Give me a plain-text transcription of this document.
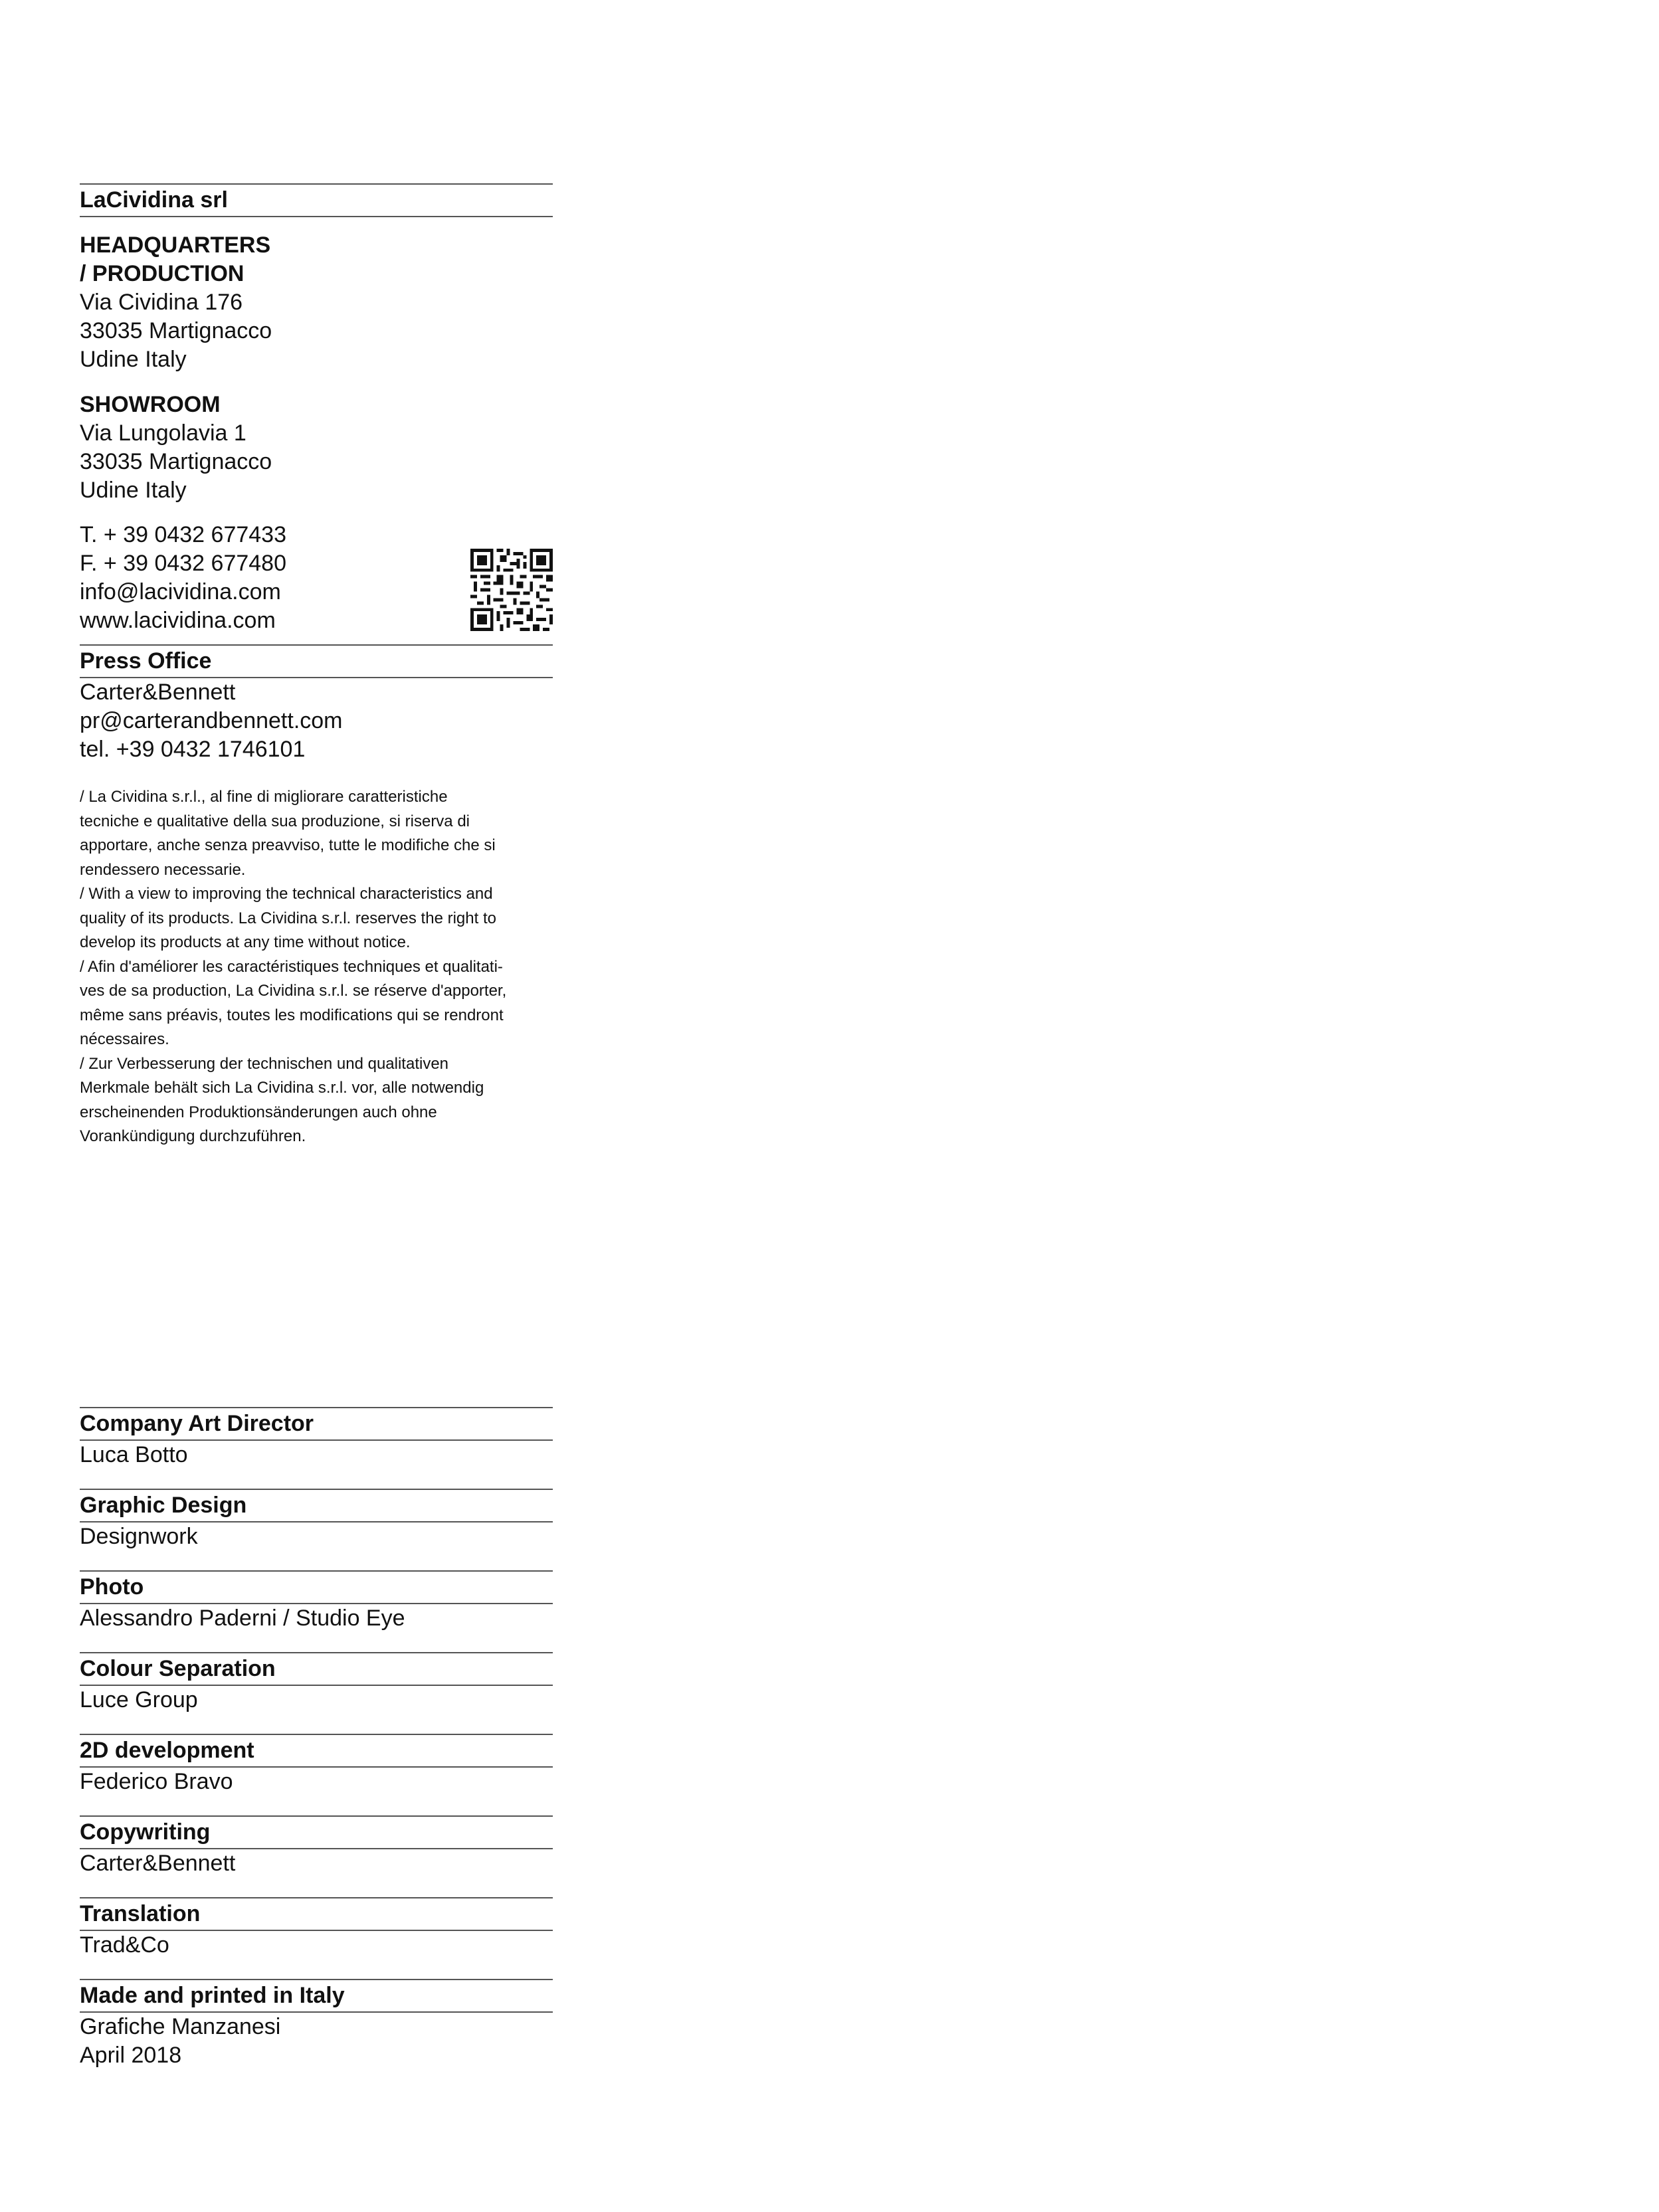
LaCividina srl
HEADQUARTERS
/ PRODUCTION
Via Cividina 176
33035 Martignacco
Udine Italy
SHOWROOM
Via Lungolavia 1
33035 Martignacco
Udine Italy
T. + 39 0432 677433
F. + 39 0432 677480
info@lacividina.com
www.lacividina.com
Press Office
Carter&Bennett
pr@carterandbennett.com
tel. +39 0432 1746101
/ La Cividina s.r.l., al fine di migliorare caratteristiche
tecniche e qualitative della sua produzione, si riserva di
apportare, anche senza preavviso, tutte le modifiche che si
rendessero necessarie.
/ With a view to improving the technical characteristics and
quality of its products. La Cividina s.r.l. reserves the right to
develop its products at any time without notice.
/ Afin d'améliorer les caractéristiques techniques et qualitati-
ves de sa production, La Cividina s.r.l. se réserve d'apporter,
même sans préavis, toutes les modifications qui se rendront
nécessaires.
/ Zur Verbesserung der technischen und qualitativen
Merkmale behält sich La Cividina s.r.l. vor, alle notwendig
erscheinenden Produktionsänderungen auch ohne
Vorankündigung durchzuführen.
Company Art Director
Luca Botto
Graphic Design
Designwork
Photo
Alessandro Paderni / Studio Eye
Colour Separation
Luce Group
2D development
Federico Bravo
Copywriting
Carter&Bennett
Translation
Trad&Co
Made and printed in Italy
Grafiche Manzanesi
April 2018
